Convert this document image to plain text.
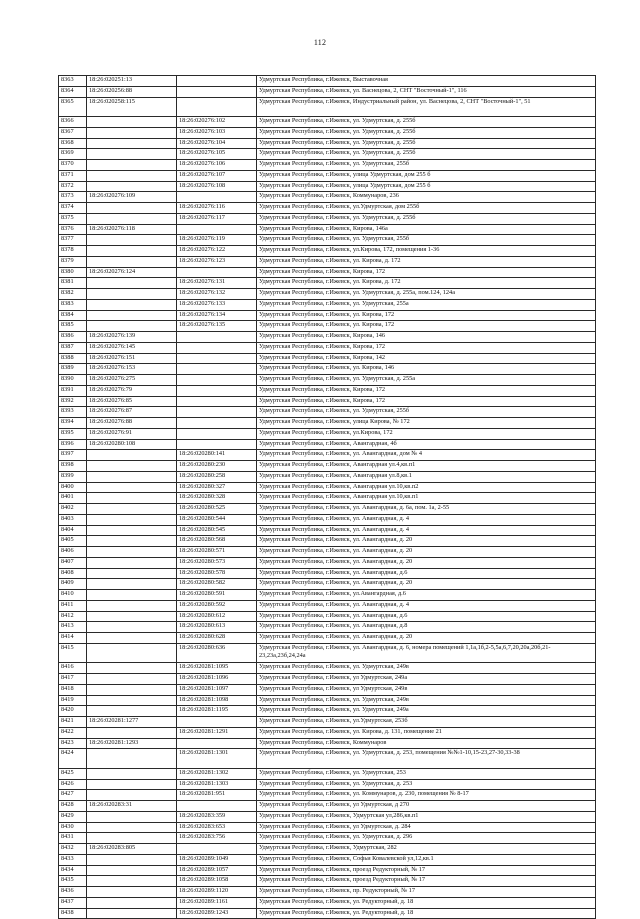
112
8363	18:26:020251:13		Удмуртская Республика, г.Ижевск, Выставочная
8364	18:26:020256:88		Удмуртская Республика, г.Ижевск, ул. Васнецова, 2, СНТ "Восточный-1", 116
8365	18:26:020258:115		Удмуртская Республика, г.Ижевск, Индустриальный район, ул. Васнецова, 2, СНТ "Восточный-1", 51
8366		18:26:020276:102	Удмуртская Республика, г.Ижевск, ул. Удмуртская, д. 255б
8367		18:26:020276:103	Удмуртская Республика, г.Ижевск, ул. Удмуртская, д. 255б
8368		18:26:020276:104	Удмуртская Республика, г.Ижевск, ул. Удмуртская, д. 255б
8369		18:26:020276:105	Удмуртская Республика, г.Ижевск, ул. Удмуртская, д. 255б
8370		18:26:020276:106	Удмуртская Республика, г.Ижевск, ул. Удмуртская, 255б
8371		18:26:020276:107	Удмуртская Республика, г.Ижевск, улица Удмуртская, дом 255 б
8372		18:26:020276:108	Удмуртская Республика, г.Ижевск, улица Удмуртская, дом 255 б
8373	18:26:020276:109		Удмуртская Республика, г.Ижевск, Коммунаров, 236
8374		18:26:020276:116	Удмуртская Республика, г.Ижевск, ул.Удмуртская, дом 255б
8375		18:26:020276:117	Удмуртская Республика, г.Ижевск, ул. Удмуртская, д. 255б
8376	18:26:020276:118		Удмуртская Республика, г.Ижевск, Кирова, 146а
8377		18:26:020276:119	Удмуртская Республика, г.Ижевск, ул. Удмуртская, 255б
8378		18:26:020276:122	Удмуртская Республика, г.Ижевск, ул.Кирова, 172, помещения 1-36
8379		18:26:020276:123	Удмуртская Республика, г.Ижевск, ул. Кирова, д. 172
8380	18:26:020276:124		Удмуртская Республика, г.Ижевск, Кирова, 172
8381		18:26:020276:131	Удмуртская Республика, г.Ижевск, ул. Кирова, д. 172
8382		18:26:020276:132	Удмуртская Республика, г.Ижевск, ул. Удмуртская, д. 255а, пом.124, 124а
8383		18:26:020276:133	Удмуртская Республика, г.Ижевск, ул. Удмуртская, 255а
8384		18:26:020276:134	Удмуртская Республика, г.Ижевск, ул. Кирова, 172
8385		18:26:020276:135	Удмуртская Республика, г.Ижевск, ул. Кирова, 172
8386	18:26:020276:139		Удмуртская Республика, г.Ижевск, Кирова, 146
8387	18:26:020276:145		Удмуртская Республика, г.Ижевск, Кирова, 172
8388	18:26:020276:151		Удмуртская Республика, г.Ижевск, Кирова, 142
8389	18:26:020276:153		Удмуртская Республика, г.Ижевск, ул. Кирова, 146
8390	18:26:020276:275		Удмуртская Республика, г.Ижевск, ул. Удмуртская, д. 255а
8391	18:26:020276:79		Удмуртская Республика, г.Ижевск, Кирова, 172
8392	18:26:020276:85		Удмуртская Республика, г.Ижевск, Кирова, 172
8393	18:26:020276:87		Удмуртская Республика, г.Ижевск, ул. Удмуртская, 255б
8394	18:26:020276:88		Удмуртская Республика, г.Ижевск, улица Кирова, № 172
8395	18:26:020276:91		Удмуртская Республика, г.Ижевск, ул.Кирова, 172
8396	18:26:020280:108		Удмуртская Республика, г.Ижевск, Авангардная, 4б
8397		18:26:020280:141	Удмуртская Республика, г.Ижевск, ул. Авангардная, дом № 4
8398		18:26:020280:230	Удмуртская Республика, г.Ижевск, Авангардная ул.4,кв.п1
8399		18:26:020280:258	Удмуртская Республика, г.Ижевск, Авангардная ул.8,кв.1
8400		18:26:020280:327	Удмуртская Республика, г.Ижевск, Авангардная ул.10,кв.п2
8401		18:26:020280:328	Удмуртская Республика, г.Ижевск, Авангардная ул.10,кв.п1
8402		18:26:020280:525	Удмуртская Республика, г.Ижевск, ул. Авангардная, д. 6а, пом. 1а, 2-55
8403		18:26:020280:544	Удмуртская Республика, г.Ижевск, ул. Авангардная, д. 4
8404		18:26:020280:545	Удмуртская Республика, г.Ижевск, ул. Авангардная, д. 4
8405		18:26:020280:568	Удмуртская Республика, г.Ижевск, ул. Авангардная, д. 20
8406		18:26:020280:571	Удмуртская Республика, г.Ижевск, ул. Авангардная, д. 20
8407		18:26:020280:573	Удмуртская Республика, г.Ижевск, ул. Авангардная, д. 20
8408		18:26:020280:578	Удмуртская Республика, г.Ижевск, ул. Авангардная, д.6
8409		18:26:020280:582	Удмуртская Республика, г.Ижевск, ул. Авангардная, д. 20
8410		18:26:020280:591	Удмуртская Республика, г.Ижевск, ул.Авангардная, д.6
8411		18:26:020280:592	Удмуртская Республика, г.Ижевск, ул. Авангардная, д. 4
8412		18:26:020280:612	Удмуртская Республика, г.Ижевск, ул. Авангардная, д.6
8413		18:26:020280:613	Удмуртская Республика, г.Ижевск, ул. Авангардная, д.8
8414		18:26:020280:628	Удмуртская Республика, г.Ижевск, ул. Авангардная, д. 20
8415		18:26:020280:636	Удмуртская Республика, г.Ижевск, ул. Авангардная, д. 6, номера помещений 1,1а,1б,2-5,5а,6,7,20,20а,20б,21-23,23а,23б,24,24а
8416		18:26:020281:1095	Удмуртская Республика, г.Ижевск, ул. Удмуртская, 249в
8417		18:26:020281:1096	Удмуртская Республика, г.Ижевск, ул Удмуртская, 249а
8418		18:26:020281:1097	Удмуртская Республика, г.Ижевск, ул Удмуртская, 249в
8419		18:26:020281:1098	Удмуртская Республика, г.Ижевск, ул. Удмуртская, 249в
8420		18:26:020281:1195	Удмуртская Республика, г.Ижевск, ул. Удмуртская, 249а
8421	18:26:020281:1277		Удмуртская Республика, г.Ижевск, ул.Удмуртская, 253б
8422		18:26:020281:1291	Удмуртская Республика, г.Ижевск, ул. Кирова, д. 131, помещение 21
8423	18:26:020281:1293		Удмуртская Республика, г.Ижевск, Коммунаров
8424		18:26:020281:1301	Удмуртская Республика, г.Ижевск, ул. Удмуртская, д. 253, помещения №№1-10,15-23,27-30,33-38
8425		18:26:020281:1302	Удмуртская Республика, г.Ижевск, ул. Удмуртская, 253
8426		18:26:020281:1303	Удмуртская Республика, г.Ижевск, ул. Удмуртская, д. 253
8427		18:26:020281:951	Удмуртская Республика, г.Ижевск, ул. Коммунаров, д. 230, помещения № 8-17
8428	18:26:020283:31		Удмуртская Республика, г.Ижевск, ул Удмуртская, д 270
8429		18:26:020283:359	Удмуртская Республика, г.Ижевск, Удмуртская ул,286,кв.п1
8430		18:26:020283:653	Удмуртская Республика, г.Ижевск, ул Удмуртская, д. 284
8431		18:26:020283:756	Удмуртская Республика, г.Ижевск, ул. Удмуртская, д. 296
8432	18:26:020283:805		Удмуртская Республика, г.Ижевск, Удмуртская, 282
8433		18:26:020289:1049	Удмуртская Республика, г.Ижевск, Софьи Ковалевской ул,12,кв.1
8434		18:26:020289:1057	Удмуртская Республика, г.Ижевск, проезд Редукторный, № 17
8435		18:26:020289:1058	Удмуртская Республика, г.Ижевск, проезд Редукторный, № 17
8436		18:26:020289:1120	Удмуртская Республика, г.Ижевск, пр. Редукторный, № 17
8437		18:26:020289:1161	Удмуртская Республика, г.Ижевск, ул. Редукторный, д. 18
8438		18:26:020289:1243	Удмуртская Республика, г.Ижевск, ул. Редукторный, д. 18
